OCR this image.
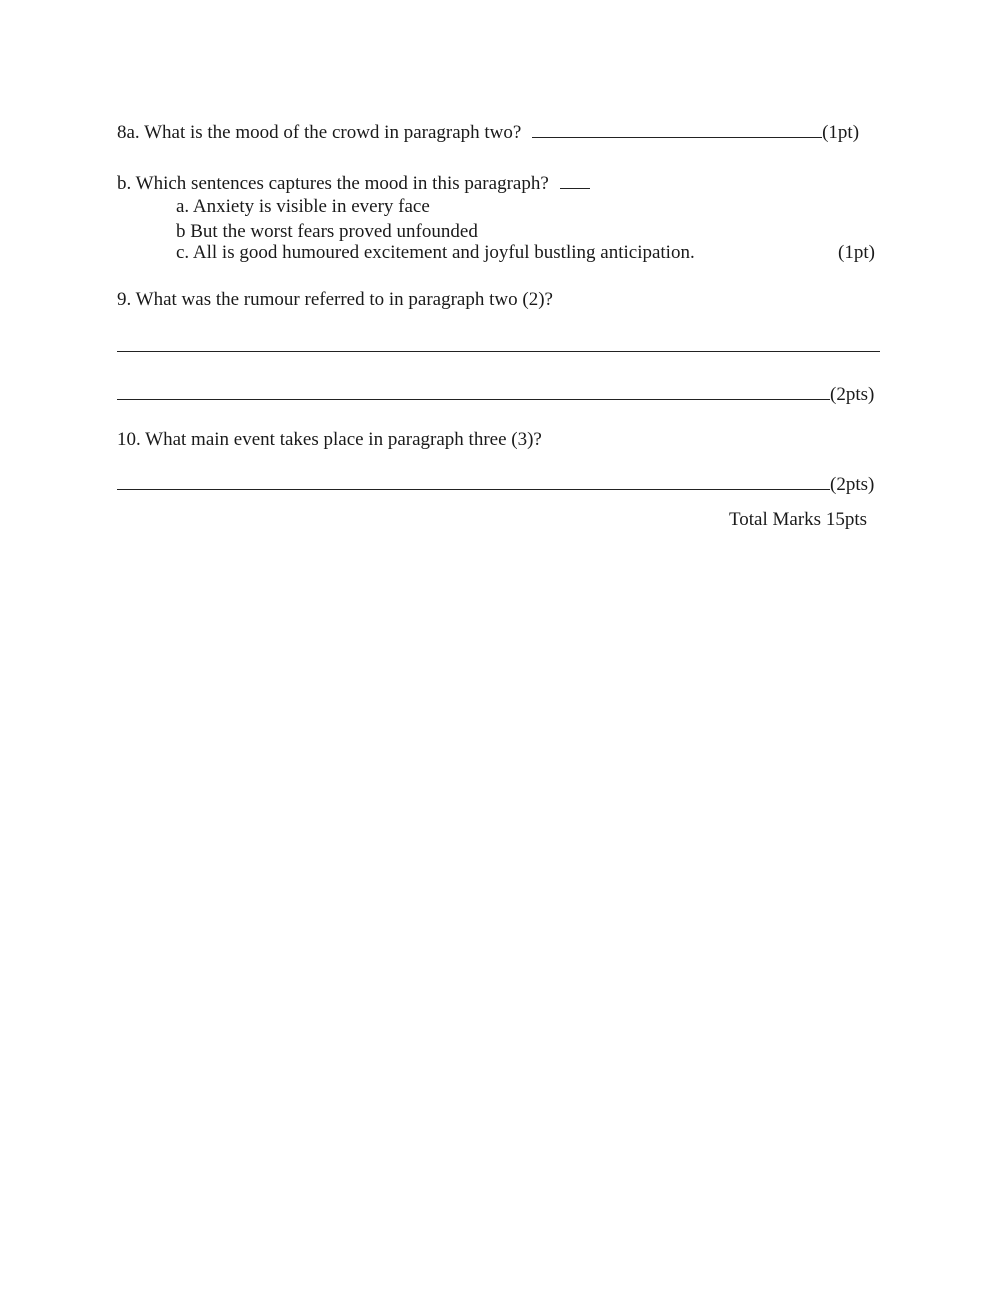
8a. What is the mood of the crowd in paragraph two?	(1pt)
b. Which sentences captures the mood in this paragraph?
a. Anxiety is visible in every face
b But the worst fears proved unfounded
c. All is good humoured excitement and joyful bustling anticipation.	(1pt)
9. What was the rumour referred to in paragraph two (2)?
(2pts)
10. What main event takes place in paragraph three (3)?
(2pts)
Total Marks 15pts
